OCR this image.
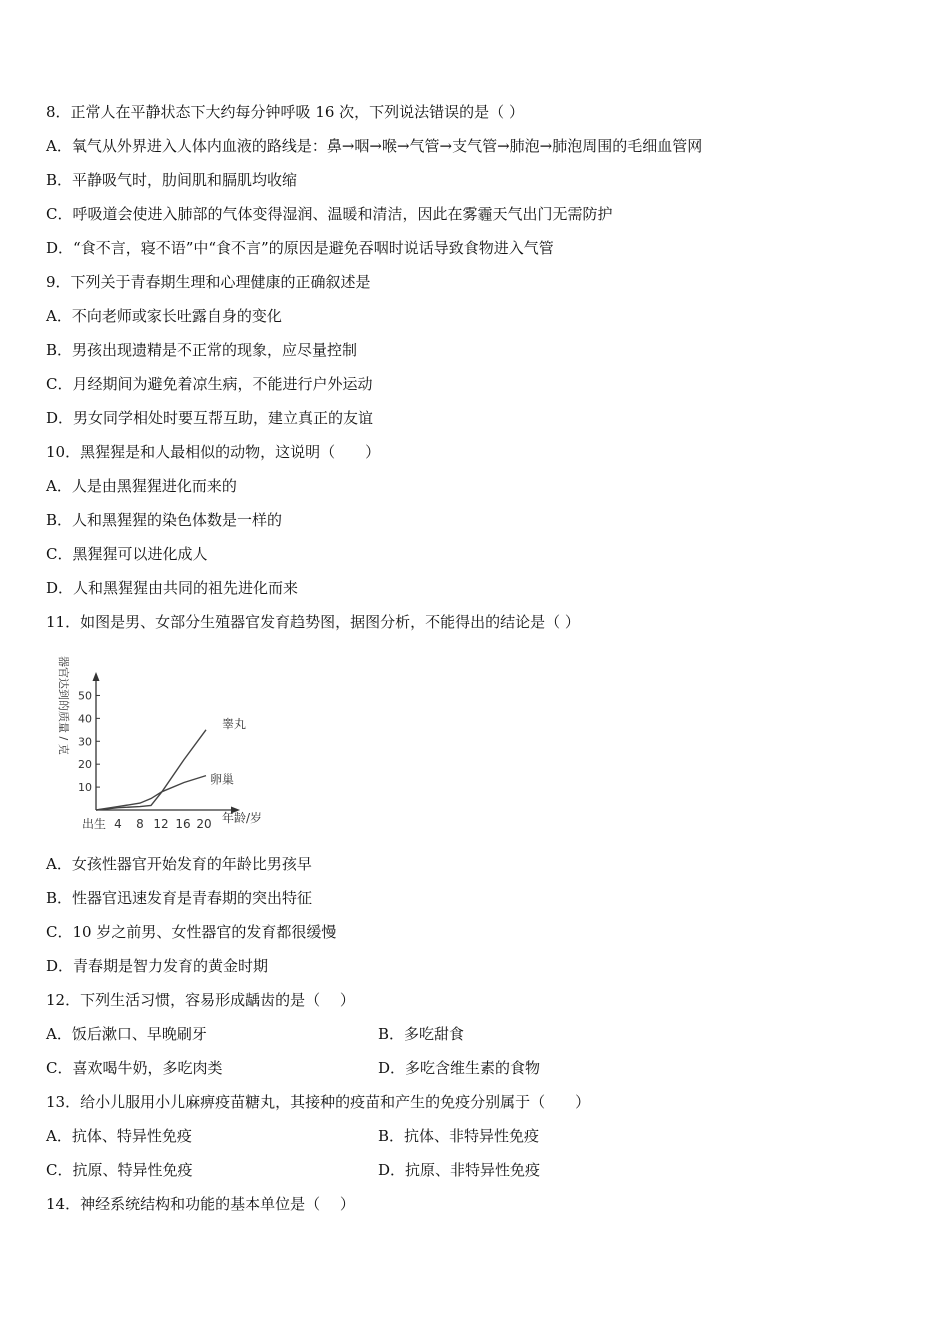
8．正常人在平静状态下大约每分钟呼吸 16 次，下列说法错误的是（ ）
A．氧气从外界进入人体内血液的路线是：鼻→咽→喉→气管→支气管→肺泡→肺泡周围的毛细血管网
B．平静吸气时，肋间肌和膈肌均收缩
C．呼吸道会使进入肺部的气体变得湿润、温暖和清洁，因此在雾霾天气出门无需防护
D．“食不言，寝不语”中“食不言”的原因是避免吞咽时说话导致食物进入气管
9．下列关于青春期生理和心理健康的正确叙述是
A．不向老师或家长吐露自身的变化
B．男孩出现遗精是不正常的现象，应尽量控制
C．月经期间为避免着凉生病，不能进行户外运动
D．男女同学相处时要互帮互助，建立真正的友谊
10．黑猩猩是和人最相似的动物，这说明（　　）
A．人是由黑猩猩进化而来的
B．人和黑猩猩的染色体数是一样的
C．黑猩猩可以进化成人
D．人和黑猩猩由共同的祖先进化而来
11．如图是男、女部分生殖器官发育趋势图，据图分析，不能得出的结论是（ ）
器官达到的质量 / 克
10
20
30
40
50
出生 4 8 12 16 20
睾丸
卵巢
年龄/岁
A．女孩性器官开始发育的年龄比男孩早
B．性器官迅速发育是青春期的突出特征
C．10 岁之前男、女性器官的发育都很缓慢
D．青春期是智力发育的黄金时期
12．下列生活习惯，容易形成龋齿的是（　 ）
A．饭后漱口、早晚刷牙	B．多吃甜食
C．喜欢喝牛奶，多吃肉类	D．多吃含维生素的食物
13．给小儿服用小儿麻痹疫苗糖丸，其接种的疫苗和产生的免疫分别属于（　　）
A．抗体、特异性免疫	B．抗体、非特异性免疫
C．抗原、特异性免疫	D．抗原、非特异性免疫
14．神经系统结构和功能的基本单位是（　 ）
